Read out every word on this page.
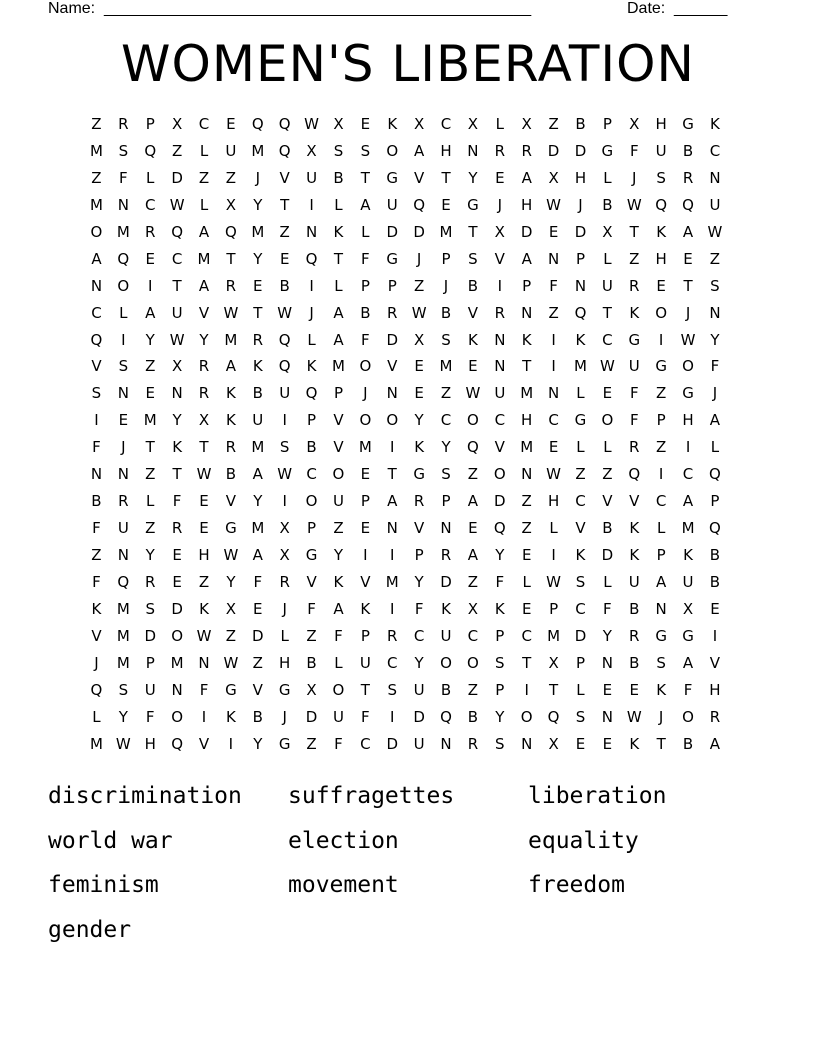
Name: ________________________________________________	Date: ______
WOMEN'S LIBERATION
Z	R	P	X	C	E	Q	Q W X	E	K	X	C	X	L	X	Z	B	P	X	H	G	K
M	S	Q	Z	L	U M Q	X	S	S	O	A	H	N	R	R	D	D	G	F	U	B	C
Z	F	L	D	Z	Z	J	V	U	B	T	G	V	T	Y	E	A	X	H	L	J	S	R	N
M N	C W	L	X	Y	T	I	L	A	U	Q	E	G	J	H W	J	B W Q	Q	U
O M	R	Q	A	Q M	Z	N	K	L	D	D M	T	X	D	E	D	X	T	K	A W
A	Q	E	C	M	T	Y	E	Q	T	F	G	J	P	S	V	A	N	P	L	Z	H	E	Z
N	O	I	T	A	R	E	B	I	L	P	P	Z	J	B	I	P	F	N	U	R	E	T	S
C	L	A	U	V W T W	J	A	B	R W B	V	R	N	Z	Q	T	K	O	J	N
Q	I	Y W Y	M	R	Q	L	A	F	D	X	S	K	N	K	I	K	C	G	I	W Y
V	S	Z	X	R	A	K	Q	K	M O	V	E	M	E	N	T	I	M W U	G	O	F
S	N	E	N	R	K	B	U	Q	P	J	N	E	Z W U M N	L	E	F	Z	G	J
I	E	M	Y	X	K	U	I	P	V	O	O	Y	C	O	C	H	C	G	O	F	P	H	A
F	J	T	K	T	R	M	S	B	V	M	I	K	Y	Q	V	M	E	L	L	R	Z	I	L
N	N	Z	T W B	A W C	O	E	T	G	S	Z	O	N W Z	Z	Q	I	C	Q
B	R	L	F	E	V	Y	I	O	U	P	A	R	P	A	D	Z	H	C	V	V	C	A	P
F	U	Z	R	E	G M	X	P	Z	E	N	V	N	E	Q	Z	L	V	B	K	L	M Q
Z	N	Y	E	H W A	X	G	Y	I	I	P	R	A	Y	E	I	K	D	K	P	K	B
F	Q	R	E	Z	Y	F	R	V	K	V	M	Y	D	Z	F	L	W S	L	U	A	U	B
K	M	S	D	K	X	E	J	F	A	K	I	F	K	X	K	E	P	C	F	B	N	X	E
V	M D	O W Z	D	L	Z	F	P	R	C	U	C	P	C	M D	Y	R	G	G	I
J	M	P	M N W Z	H	B	L	U	C	Y	O	O	S	T	X	P	N	B	S	A	V
Q	S	U	N	F	G	V	G	X	O	T	S	U	B	Z	P	I	T	L	E	E	K	F	H
L	Y	F	O	I	K	B	J	D	U	F	I	D	Q	B	Y	O	Q	S	N W	J	O	R
M W H	Q	V	I	Y	G	Z	F	C	D	U	N	R	S	N	X	E	E	K	T	B	A
discrimination	suffragettes	liberation
world war	election	equality
feminism	movement	freedom
gender
